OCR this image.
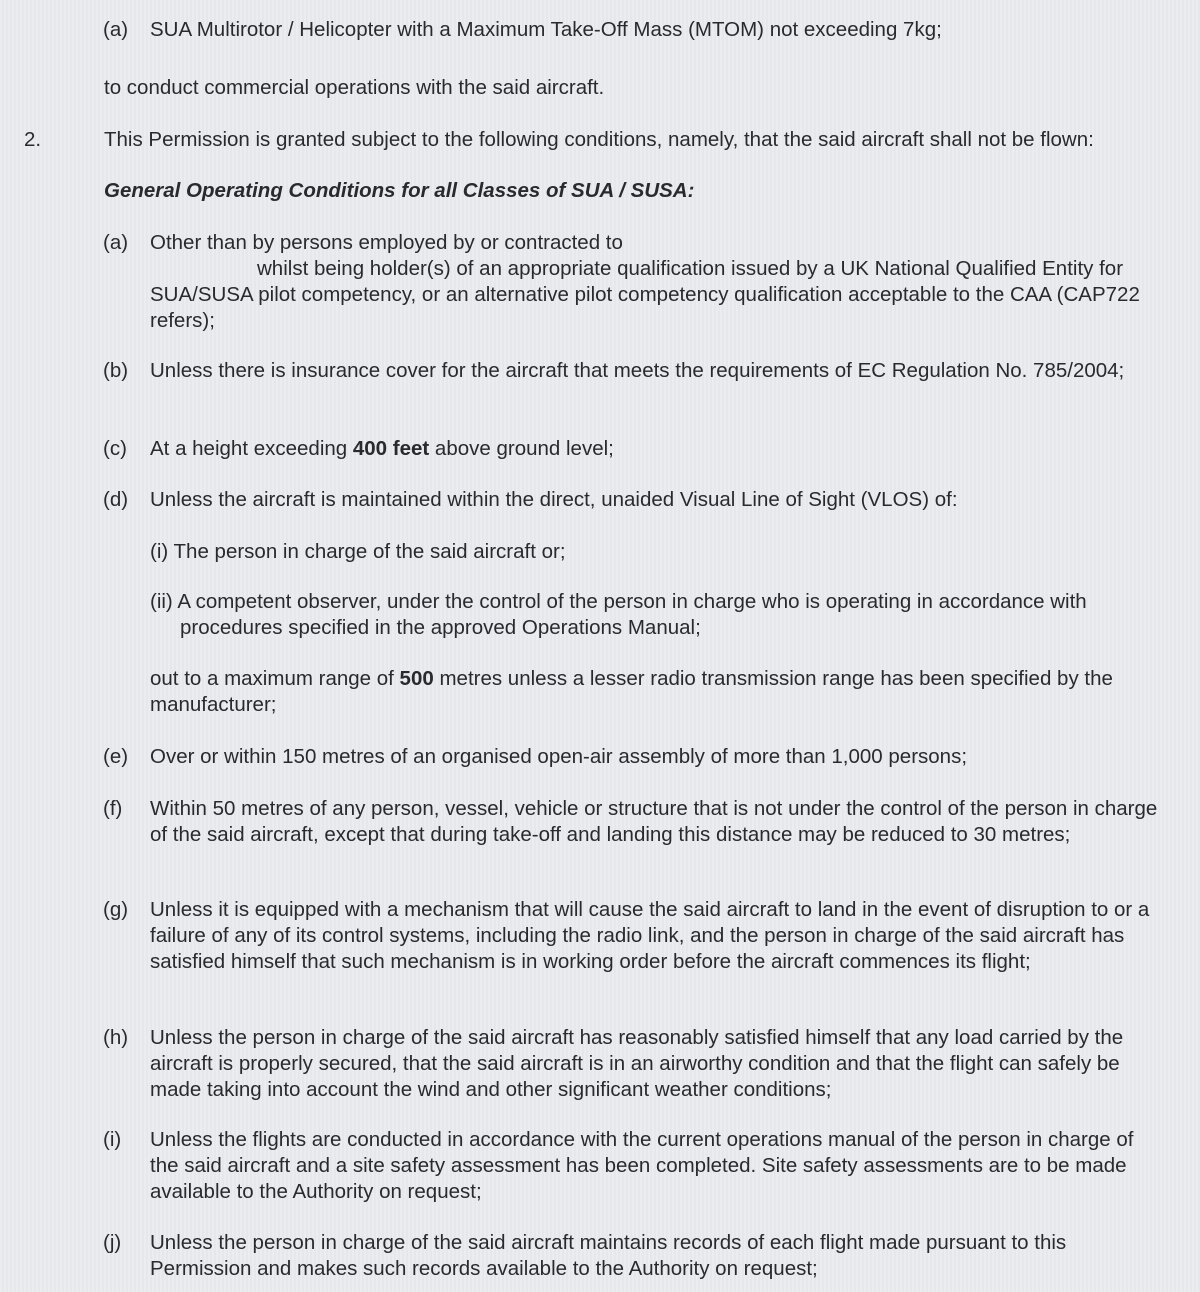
(a) SUA Multirotor / Helicopter with a Maximum Take-Off Mass (MTOM) not exceeding 7kg;
to conduct commercial operations with the said aircraft.
2.	This Permission is granted subject to the following conditions, namely, that the said aircraft shall not be flown:
General Operating Conditions for all Classes of SUA / SUSA:
(a)	Other than by persons employed by or contracted to
whilst being holder(s) of an appropriate qualification issued by a UK National Qualified Entity for SUA/SUSA pilot competency, or an alternative pilot competency qualification acceptable to the CAA (CAP722 refers);
(b)	Unless there is insurance cover for the aircraft that meets the requirements of EC Regulation No. 785/2004;
(c)	At a height exceeding 400 feet above ground level;
(d)	Unless the aircraft is maintained within the direct, unaided Visual Line of Sight (VLOS) of:
(i) The person in charge of the said aircraft or;
(ii) A competent observer, under the control of the person in charge who is operating in accordance with procedures specified in the approved Operations Manual;
out to a maximum range of 500 metres unless a lesser radio transmission range has been specified by the manufacturer;
(e)	Over or within 150 metres of an organised open-air assembly of more than 1,000 persons;
(f)	Within 50 metres of any person, vessel, vehicle or structure that is not under the control of the person in charge of the said aircraft, except that during take-off and landing this distance may be reduced to 30 metres;
(g)	Unless it is equipped with a mechanism that will cause the said aircraft to land in the event of disruption to or a failure of any of its control systems, including the radio link, and the person in charge of the said aircraft has satisfied himself that such mechanism is in working order before the aircraft commences its flight;
(h)	Unless the person in charge of the said aircraft has reasonably satisfied himself that any load carried by the aircraft is properly secured, that the said aircraft is in an airworthy condition and that the flight can safely be made taking into account the wind and other significant weather conditions;
(i)	Unless the flights are conducted in accordance with the current operations manual of the person in charge of the said aircraft and a site safety assessment has been completed. Site safety assessments are to be made available to the Authority on request;
(j)	Unless the person in charge of the said aircraft maintains records of each flight made pursuant to this Permission and makes such records available to the Authority on request;
